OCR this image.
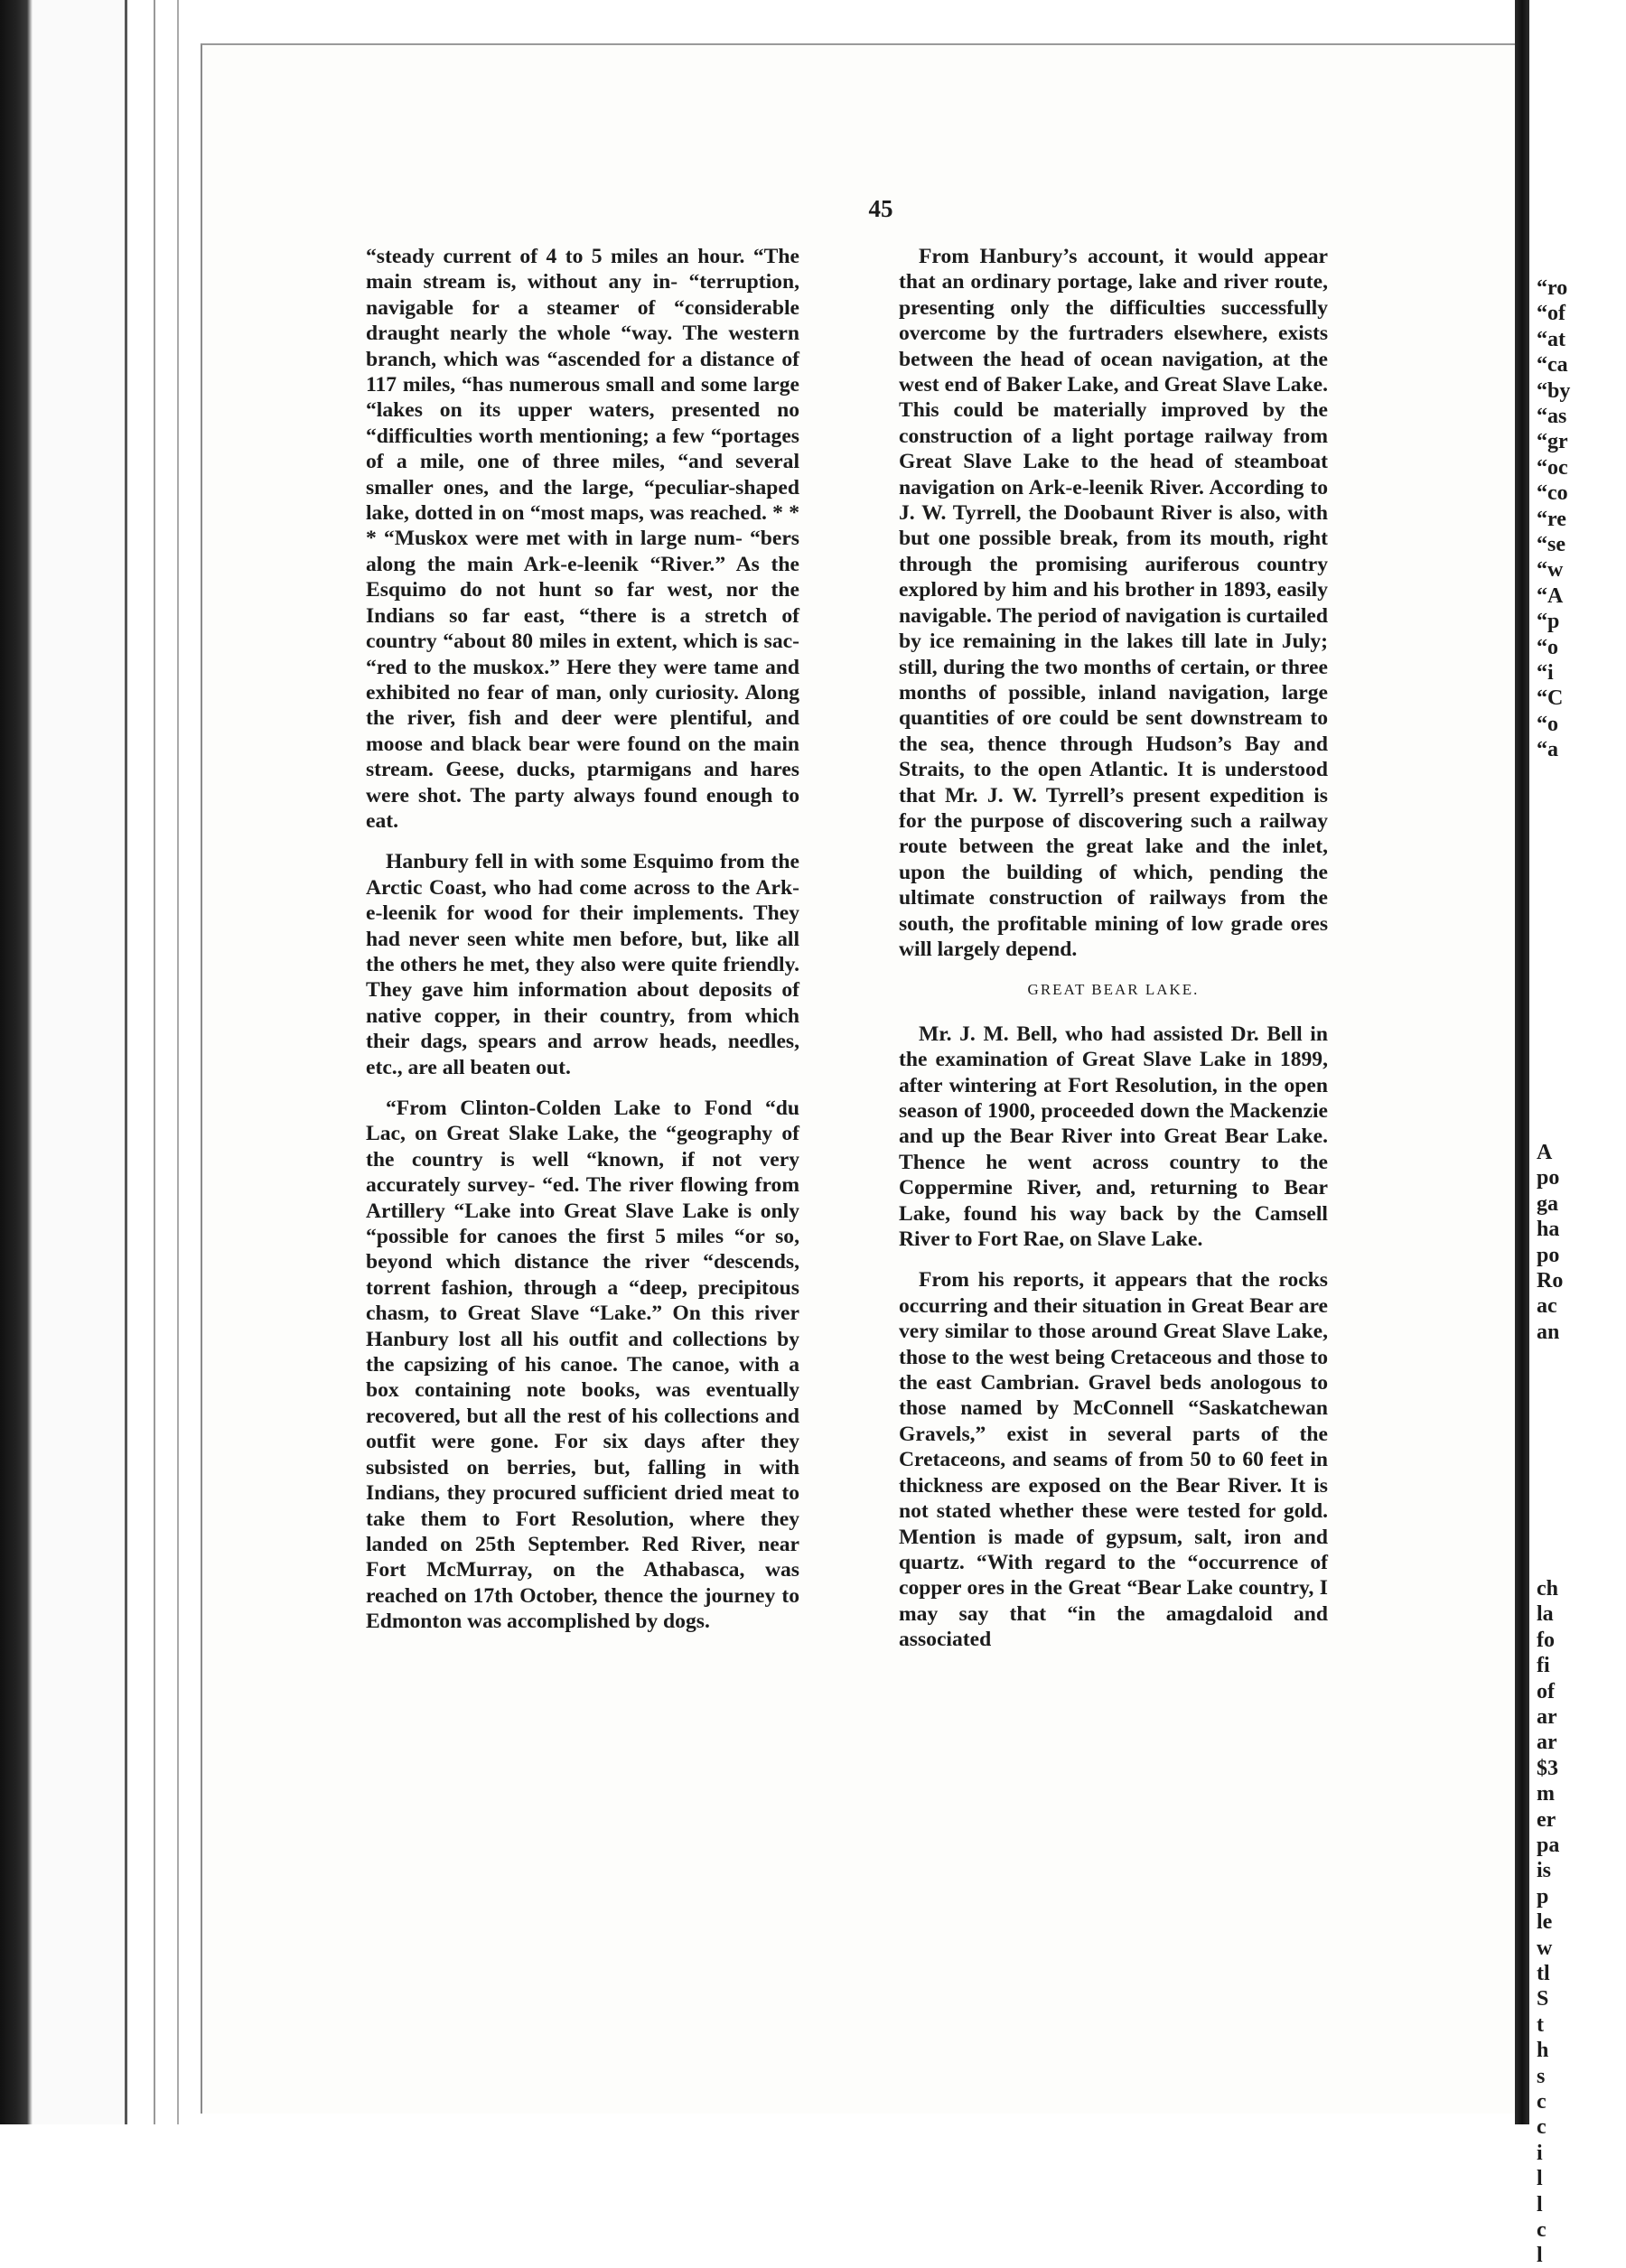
45

“steady current of 4 to 5 miles an hour. “The main stream is, without any in- “terruption, navigable for a steamer of “considerable draught nearly the whole “way. The western branch, which was “ascended for a distance of 117 miles, “has numerous small and some large “lakes on its upper waters, presented no “difficulties worth mentioning; a few “portages of a mile, one of three miles, “and several smaller ones, and the large, “peculiar-shaped lake, dotted in on “most maps, was reached. * * * “Muskox were met with in large num- “bers along the main Ark-e-leenik “River.” As the Esquimo do not hunt so far west, nor the Indians so far east, “there is a stretch of country “about 80 miles in extent, which is sac- “red to the muskox.” Here they were tame and exhibited no fear of man, only curiosity. Along the river, fish and deer were plentiful, and moose and black bear were found on the main stream. Geese, ducks, ptarmigans and hares were shot. The party always found enough to eat.

Hanbury fell in with some Esquimo from the Arctic Coast, who had come across to the Ark-e-leenik for wood for their implements. They had never seen white men before, but, like all the others he met, they also were quite friendly. They gave him information about deposits of native copper, in their country, from which their dags, spears and arrow heads, needles, etc., are all beaten out.

“From Clinton-Colden Lake to Fond “du Lac, on Great Slake Lake, the “geography of the country is well “known, if not very accurately survey- “ed. The river flowing from Artillery “Lake into Great Slave Lake is only “possible for canoes the first 5 miles “or so, beyond which distance the river “descends, torrent fashion, through a “deep, precipitous chasm, to Great Slave “Lake.” On this river Hanbury lost all his outfit and collections by the capsizing of his canoe. The canoe, with a box containing note books, was eventually recovered, but all the rest of his collections and outfit were gone. For six days after they subsisted on berries, but, falling in with Indians, they procured sufficient dried meat to take them to Fort Resolution, where they landed on 25th September. Red River, near Fort McMurray, on the Athabasca, was reached on 17th October, thence the journey to Edmonton was accomplished by dogs.

From Hanbury’s account, it would appear that an ordinary portage, lake and river route, presenting only the difficulties successfully overcome by the furtraders elsewhere, exists between the head of ocean navigation, at the west end of Baker Lake, and Great Slave Lake. This could be materially improved by the construction of a light portage railway from Great Slave Lake to the head of steamboat navigation on Ark-e-leenik River. According to J. W. Tyrrell, the Doobaunt River is also, with but one possible break, from its mouth, right through the promising auriferous country explored by him and his brother in 1893, easily navigable. The period of navigation is curtailed by ice remaining in the lakes till late in July; still, during the two months of certain, or three months of possible, inland navigation, large quantities of ore could be sent downstream to the sea, thence through Hudson’s Bay and Straits, to the open Atlantic. It is understood that Mr. J. W. Tyrrell’s present expedition is for the purpose of discovering such a railway route between the great lake and the inlet, upon the building of which, pending the ultimate construction of railways from the south, the profitable mining of low grade ores will largely depend.

GREAT BEAR LAKE.

Mr. J. M. Bell, who had assisted Dr. Bell in the examination of Great Slave Lake in 1899, after wintering at Fort Resolution, in the open season of 1900, proceeded down the Mackenzie and up the Bear River into Great Bear Lake. Thence he went across country to the Coppermine River, and, returning to Bear Lake, found his way back by the Camsell River to Fort Rae, on Slave Lake.

From his reports, it appears that the rocks occurring and their situation in Great Bear are very similar to those around Great Slave Lake, those to the west being Cretaceous and those to the east Cambrian. Gravel beds anologous to those named by McConnell “Saskatchewan Gravels,” exist in several parts of the Cretaceons, and seams of from 50 to 60 feet in thickness are exposed on the Bear River. It is not stated whether these were tested for gold. Mention is made of gypsum, salt, iron and quartz. “With regard to the “occurrence of copper ores in the Great “Bear Lake country, I may say that “in the amagdaloid and associated

“ro
“of
“at
“ca
“by
“as
“gr
“oc
“co
“re
“se
“w
“A
“p
“o
“i
“C
“o
“a
A
po
ga
ha
po
Ro
ac
an
ch
la
fo
fi
of
ar
ar
$3
m
er
pa
is
p
le
w
tl
S
t
h
s
c
c
i
l
l
c
l
